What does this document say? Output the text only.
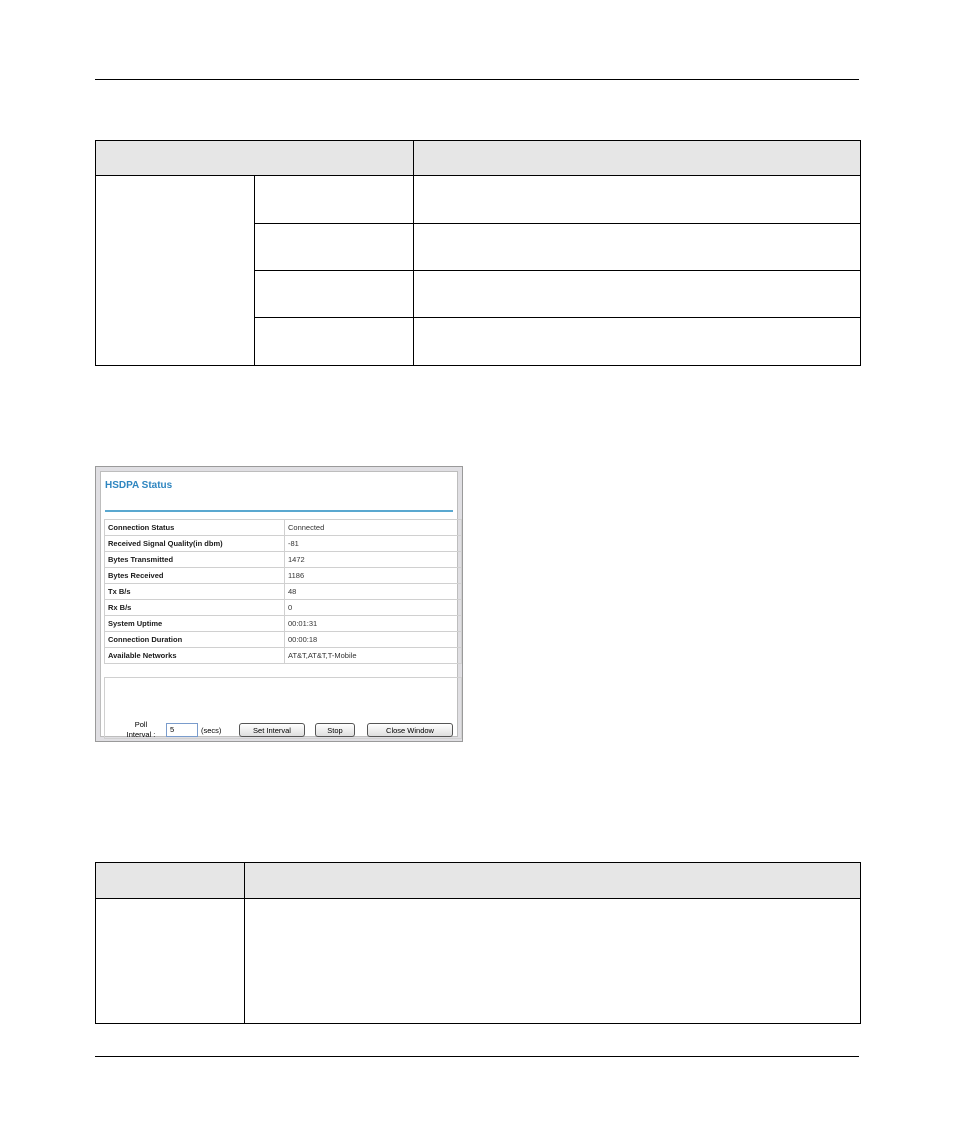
HSDPA Status
Connection Status	Connected
Received Signal Quality(in dbm)	-81
Bytes Transmitted	1472
Bytes Received	1186
Tx B/s	48
Rx B/s	0
System Uptime	00:01:31
Connection Duration	00:00:18
Available Networks	AT&T,AT&T,T-Mobile
Poll Interval :
5	(secs)	Set Interval	Stop	Close Window
